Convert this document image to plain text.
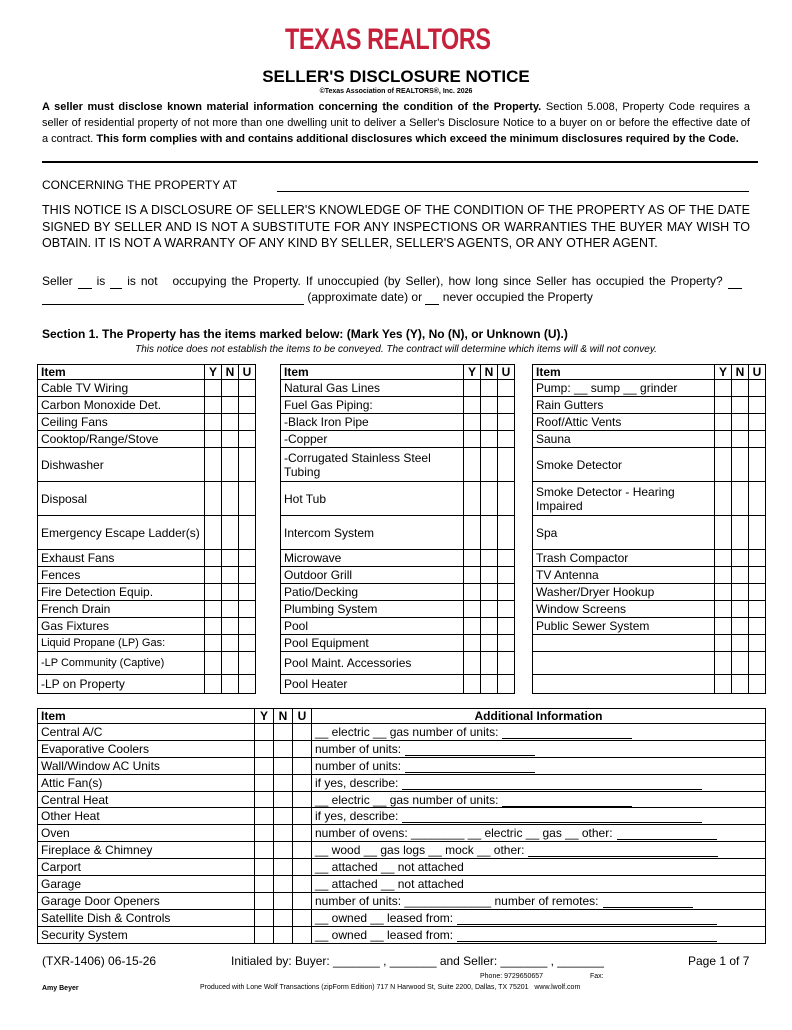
TEXAS REALTORS
SELLER'S DISCLOSURE NOTICE
©Texas Association of REALTORS®, Inc. 2026
A seller must disclose known material information concerning the condition of the Property. Section 5.008, Property Code requires a seller of residential property of not more than one dwelling unit to deliver a Seller's Disclosure Notice to a buyer on or before the effective date of a contract. This form complies with and contains additional disclosures which exceed the minimum disclosures required by the Code.
CONCERNING THE PROPERTY AT
THIS NOTICE IS A DISCLOSURE OF SELLER'S KNOWLEDGE OF THE CONDITION OF THE PROPERTY AS OF THE DATE SIGNED BY SELLER AND IS NOT A SUBSTITUTE FOR ANY INSPECTIONS OR WARRANTIES THE BUYER MAY WISH TO OBTAIN. IT IS NOT A WARRANTY OF ANY KIND BY SELLER, SELLER'S AGENTS, OR ANY OTHER AGENT.
Seller is is not occupying the Property. If unoccupied (by Seller), how long since Seller has occupied the Property?    (approximate date) or never occupied the Property
Section 1. The Property has the items marked below: (Mark Yes (Y), No (N), or Unknown (U).)
This notice does not establish the items to be conveyed. The contract will determine which items will & will not convey.
Item	Y	N	U
Cable TV Wiring			
Carbon Monoxide Det.			
Ceiling Fans			
Cooktop/Range/Stove			
Dishwasher			
Disposal			
Emergency Escape Ladder(s)			
Exhaust Fans			
Fences			
Fire Detection Equip.			
French Drain			
Gas Fixtures			
Liquid Propane (LP) Gas:			
-LP Community (Captive)			
-LP on Property			
Item	Y	N	U
Natural Gas Lines			
Fuel Gas Piping:			
-Black Iron Pipe			
-Copper			
-Corrugated Stainless Steel Tubing			
Hot Tub			
Intercom System			
Microwave			
Outdoor Grill			
Patio/Decking			
Plumbing System			
Pool			
Pool Equipment			
Pool Maint. Accessories			
Pool Heater			
Item	Y	N	U
Pump: __ sump __ grinder			
Rain Gutters			
Roof/Attic Vents			
Sauna			
Smoke Detector			
Smoke Detector - Hearing Impaired			
Spa			
Trash Compactor			
TV Antenna			
Washer/Dryer Hookup			
Window Screens			
Public Sewer System			

Item	Y	N	U	Additional Information
Central A/C				__ electric __ gas number of units:
Evaporative Coolers				number of units:
Wall/Window AC Units				number of units:
Attic Fan(s)				if yes, describe:
Central Heat				__ electric __ gas number of units:
Other Heat				if yes, describe:
Oven				number of ovens: ________ __ electric __ gas __ other:
Fireplace & Chimney				__ wood __ gas logs __ mock __ other:
Carport				__ attached __ not attached
Garage				__ attached __ not attached
Garage Door Openers				number of units: _____________ number of remotes:
Satellite Dish & Controls				__ owned __ leased from:
Security System				__ owned __ leased from:
(TXR-1406) 06-15-26	Initialed by: Buyer: _______ , _______ and Seller: _______ , _______	Page 1 of 7
Phone: 9729650657	Fax:
Amy Beyer	Produced with Lone Wolf Transactions (zipForm Edition) 717 N Harwood St, Suite 2200, Dallas, TX 75201 www.lwolf.com
